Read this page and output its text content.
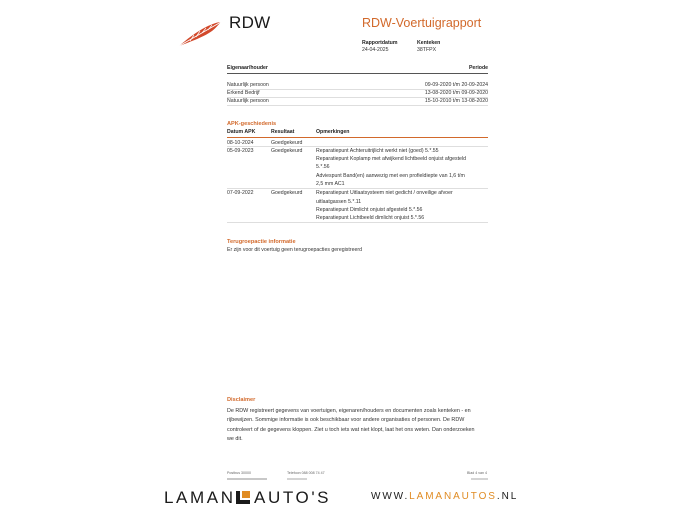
RDW	RDW-Voertuigrapport
Rapportdatum
24-04-2025
Kenteken
38TFPX
Eigenaar/houder	Periode
Natuurlijk persoon	09-09-2020 t/m 20-09-2024
Erkend Bedrijf	13-08-2020 t/m 09-09-2020
Natuurlijk persoon	15-10-2010 t/m 13-08-2020
APK-geschiedenis
Datum APK	Resultaat	Opmerkingen
08-10-2024	Goedgekeurd
05-09-2023	Goedgekeurd	Reparatiepunt Achteruitrijlicht werkt niet (goed) 5.*.55
Reparatiepunt Koplamp met afwijkend lichtbeeld onjuist afgesteld
5.*.56
Adviespunt Band(en) aanwezig met een profieldiepte van 1,6 t/m
2,5 mm AC1
07-09-2022	Goedgekeurd	Reparatiepunt Uitlaatsysteem niet gedicht / onveilige afvoer
uitlaatgassen 5.*.11
Reparatiepunt Dimlicht onjuist afgesteld 5.*.56
Reparatiepunt Lichtbeeld dimlicht onjuist 5.*.56
Terugroepactie informatie
Er zijn voor dit voertuig geen terugroepacties geregistreerd
Disclaimer
De RDW registreert gegevens van voertuigen, eigenaren/houders en documenten zoals kenteken - en
rijbewijzen. Sommige informatie is ook beschikbaar voor andere organisaties of personen. De RDW
controleert of de gegevens kloppen. Ziet u toch iets wat niet klopt, laat het ons weten. Dan onderzoeken
we dit.
Postbus 30000	Telefoon 088 008 74 47	Blad 4 van 4
LAMAN AUTO'S	WWW.LAMANAUTOS.NL
